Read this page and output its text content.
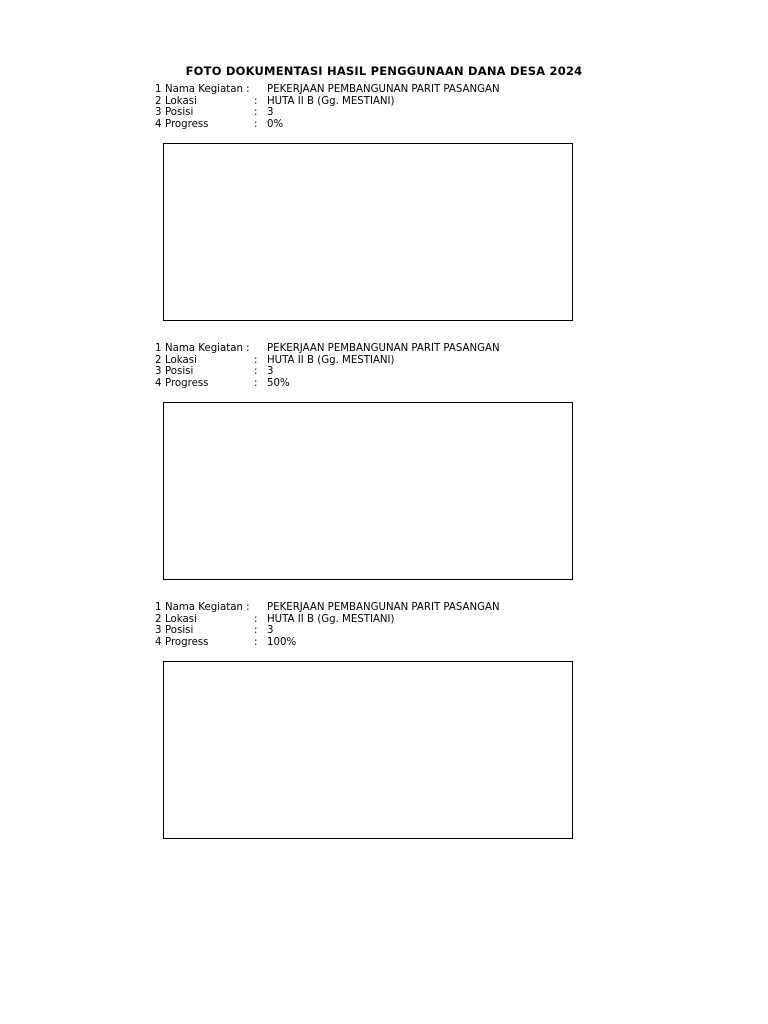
FOTO DOKUMENTASI HASIL PENGGUNAAN DANA DESA 2024
1 Nama Kegiatan : PEKERJAAN PEMBANGUNAN PARIT PASANGAN
2 Lokasi	: HUTA II B (Gg. MESTIANI)
3 Posisi	: 3
4 Progress	: 0%
1 Nama Kegiatan : PEKERJAAN PEMBANGUNAN PARIT PASANGAN
2 Lokasi	: HUTA II B (Gg. MESTIANI)
3 Posisi	: 3
4 Progress	: 50%
1 Nama Kegiatan : PEKERJAAN PEMBANGUNAN PARIT PASANGAN
2 Lokasi	: HUTA II B (Gg. MESTIANI)
3 Posisi	: 3
4 Progress	: 100%
